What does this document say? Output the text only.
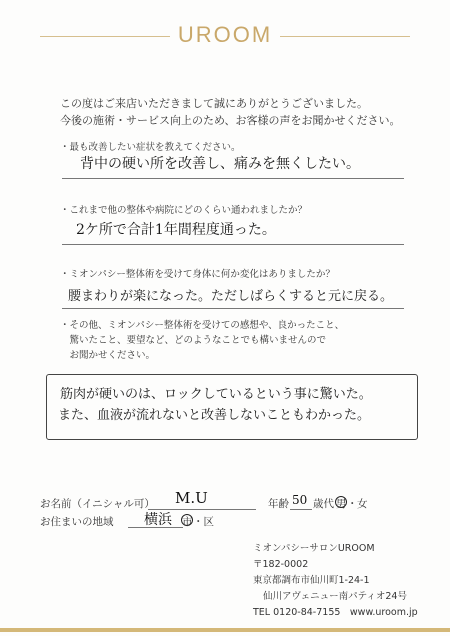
UROOM
この度はご来店いただきまして誠にありがとうございました。
今後の施術・サービス向上のため、お客様の声をお聞かせください。
・最も改善したい症状を教えてください。
背中の硬い所を改善し、痛みを無くしたい。
・これまで他の整体や病院にどのくらい通われましたか？
2ケ所で合計1年間程度通った。
・ミオンパシー整体術を受けて身体に何か変化はありましたか？
腰まわりが楽になった。ただしばらくすると元に戻る。
・その他、ミオンパシー整体術を受けての感想や、良かったこと、
　驚いたこと、要望など、どのようなことでも構いませんので
　お聞かせください。
筋肉が硬いのは、ロックしているという事に驚いた。
また、血液が流れないと改善しないこともわかった。
お名前（イニシャル可） M.U	年齢 50 歳代 男 ・ 女
お住まいの地域 横浜 市 ・区
ミオンパシーサロンUROOM
〒182-0002
東京都調布市仙川町1-24-1
仙川アヴェニュー南パティオ24号
TEL 0120-84-7155　www.uroom.jp
